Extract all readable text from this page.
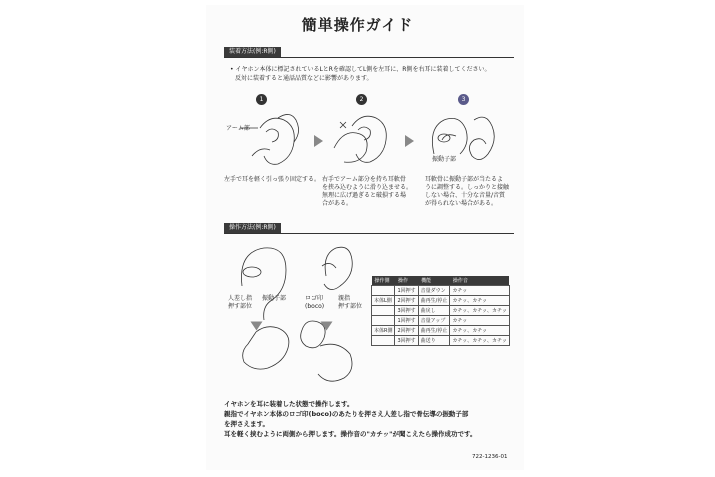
簡単操作ガイド
装着方法(例:R側)
• イヤホン本体に標記されているLとRを確認してL側を左耳に、R側を右耳に装着してください。
反対に装着すると通話品質などに影響があります。
1	2	3
アーム部
振動子部
左手で耳を軽く引っ張り固定する。 右手でアーム部分を持ち耳軟骨
を挟み込むように滑り込ませる。
無理に広げ過ぎると破損する場
合がある。
耳軟骨に振動子部が当たるよ
うに調整する。しっかりと接触
しない場合、十分な音量/音質
が得られない場合がある。
操作方法(例:R側)
人差し指
押す部位
振動子部	ロゴ印
(boco)
親指
押す部位
操作側	操作	機能	操作音
	1回押す	音量ダウン	カチッ
本体L側	2回押す	曲再生/停止	カチッ、カチッ
	3回押す	曲戻し	カチッ、カチッ、カチッ
	1回押す	音量アップ	カチッ
本体R側	2回押す	曲再生/停止	カチッ、カチッ
	3回押す	曲送り	カチッ、カチッ、カチッ
イヤホンを耳に装着した状態で操作します。
親指でイヤホン本体のロゴ印(boco)のあたりを押さえ人差し指で骨伝導の振動子部
を押さえます。
耳を軽く挟むように両側から押します。操作音の"カチッ"が聞こえたら操作成功です。
722-1236-01
